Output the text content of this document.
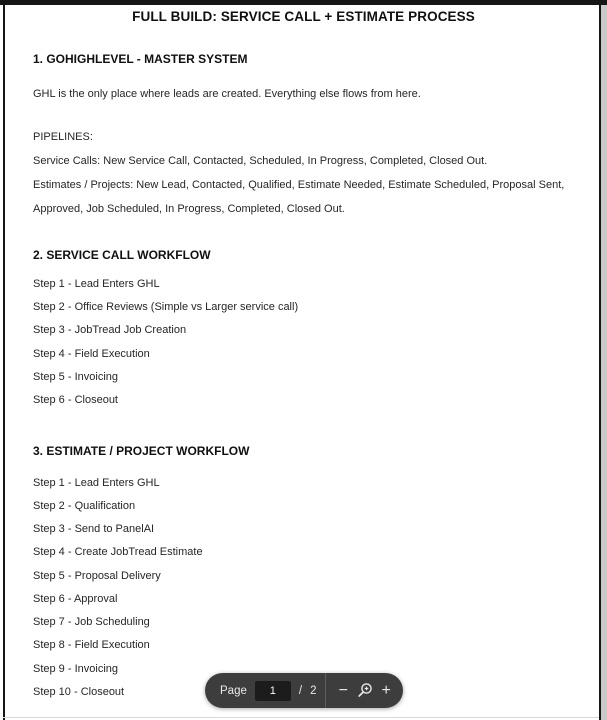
FULL BUILD: SERVICE CALL + ESTIMATE PROCESS
1. GOHIGHLEVEL - MASTER SYSTEM
GHL is the only place where leads are created. Everything else flows from here.
PIPELINES:
Service Calls: New Service Call, Contacted, Scheduled, In Progress, Completed, Closed Out.
Estimates / Projects: New Lead, Contacted, Qualified, Estimate Needed, Estimate Scheduled, Proposal Sent,
Approved, Job Scheduled, In Progress, Completed, Closed Out.
2. SERVICE CALL WORKFLOW
Step 1 - Lead Enters GHL
Step 2 - Office Reviews (Simple vs Larger service call)
Step 3 - JobTread Job Creation
Step 4 - Field Execution
Step 5 - Invoicing
Step 6 - Closeout
3. ESTIMATE / PROJECT WORKFLOW
Step 1 - Lead Enters GHL
Step 2 - Qualification
Step 3 - Send to PanelAI
Step 4 - Create JobTread Estimate
Step 5 - Proposal Delivery
Step 6 - Approval
Step 7 - Job Scheduling
Step 8 - Field Execution
Step 9 - Invoicing
Step 10 - Closeout	Page
1	/ 2 − +
